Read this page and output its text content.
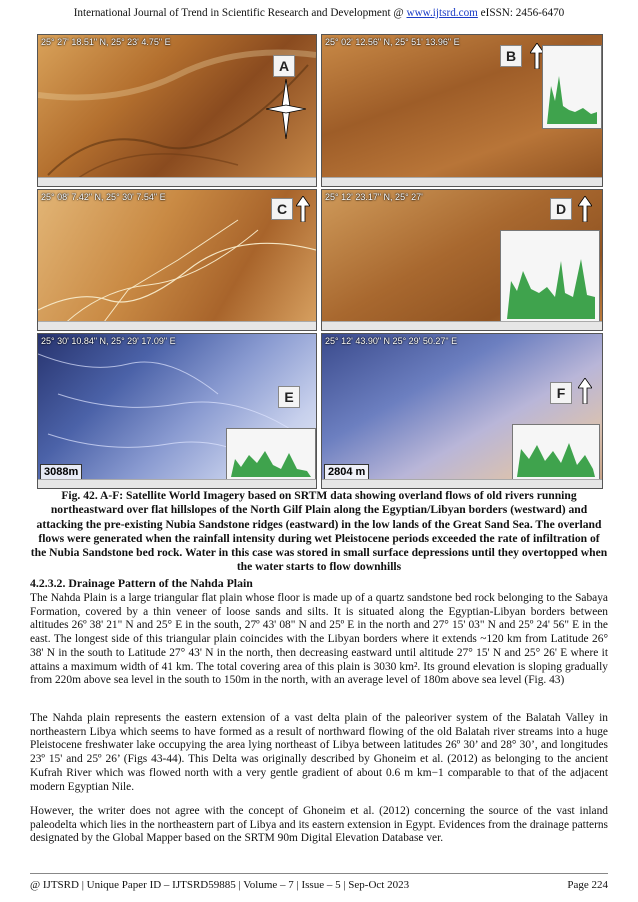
International Journal of Trend in Scientific Research and Development @ www.ijtsrd.com eISSN: 2456-6470
25° 27' 18.51" N, 25° 23' 4.75" E
A
25° 02' 12.56" N, 25° 51' 13.96" E
B
25° 08' 7.42" N, 25° 30' 7.54" E
C
25° 12' 23.17" N, 25° 27'
D
25° 30' 10.84" N, 25° 29' 17.09" E
E
3088m
25° 12' 43.90" N 25° 29' 50.27" E
F
2804 m
Fig. 42. A-F: Satellite World Imagery based on SRTM data showing overland flows of old rivers running northeastward over flat hillslopes of the North Gilf Plain along the Egyptian/Libyan borders (westward) and attacking the pre-existing Nubia Sandstone ridges (eastward) in the low lands of the Great Sand Sea. The overland flows were generated when the rainfall intensity during wet Pleistocene periods exceeded the rate of infiltration of the Nubia Sandstone bed rock. Water in this case was stored in small surface depressions until they overtopped when the water starts to flow downhills
4.2.3.2. Drainage Pattern of the Nahda Plain

The Nahda Plain is a large triangular flat plain whose floor is made up of a quartz sandstone bed rock belonging to the Sabaya Formation, covered by a thin veneer of loose sands and silts. It is situated along the Egyptian-Libyan borders between altitudes 26º 38' 21" N and 25° E in the south, 27º 43' 08" N and 25º E in the north and 27° 15' 03" N and 25º 24' 56" E in the east. The longest side of this triangular plain coincides with the Libyan borders where it extends ~120 km from Latitude 26° 38' N in the south to Latitude 27° 43' N in the north, then decreasing eastward until altitude 27° 15' N and 25° 26' E where it attains a maximum width of 41 km. The total covering area of this plain is 3030 km². Its ground elevation is sloping gradually from 220m above sea level in the south to 150m in the north, with an average level of 180m above sea level (Fig. 43)

The Nahda plain represents the eastern extension of a vast delta plain of the paleoriver system of the Balatah Valley in northeastern Libya which seems to have formed as a result of northward flowing of the old Balatah river streams into a huge Pleistocene freshwater lake occupying the area lying northeast of Libya between latitudes 26º 30’ and 28° 30’, and longitudes 23º 15' and 25º 26’ (Figs 43-44). This Delta was originally described by Ghoneim et al. (2012) as belonging to the ancient Kufrah River which was flowed north with a very gentle gradient of about 0.6 m km−1 comparable to that of the adjacent modern Egyptian Nile.

However, the writer does not agree with the concept of Ghoneim et al. (2012) concerning the source of the vast inland paleodelta which lies in the northeastern part of Libya and its eastern extension in Egypt. Evidences from the drainage patterns designated by the Global Mapper based on the SRTM 90m Digital Elevation Database ver.

@ IJTSRD | Unique Paper ID – IJTSRD59885 | Volume – 7 | Issue – 5 | Sep-Oct 2023	Page 224
